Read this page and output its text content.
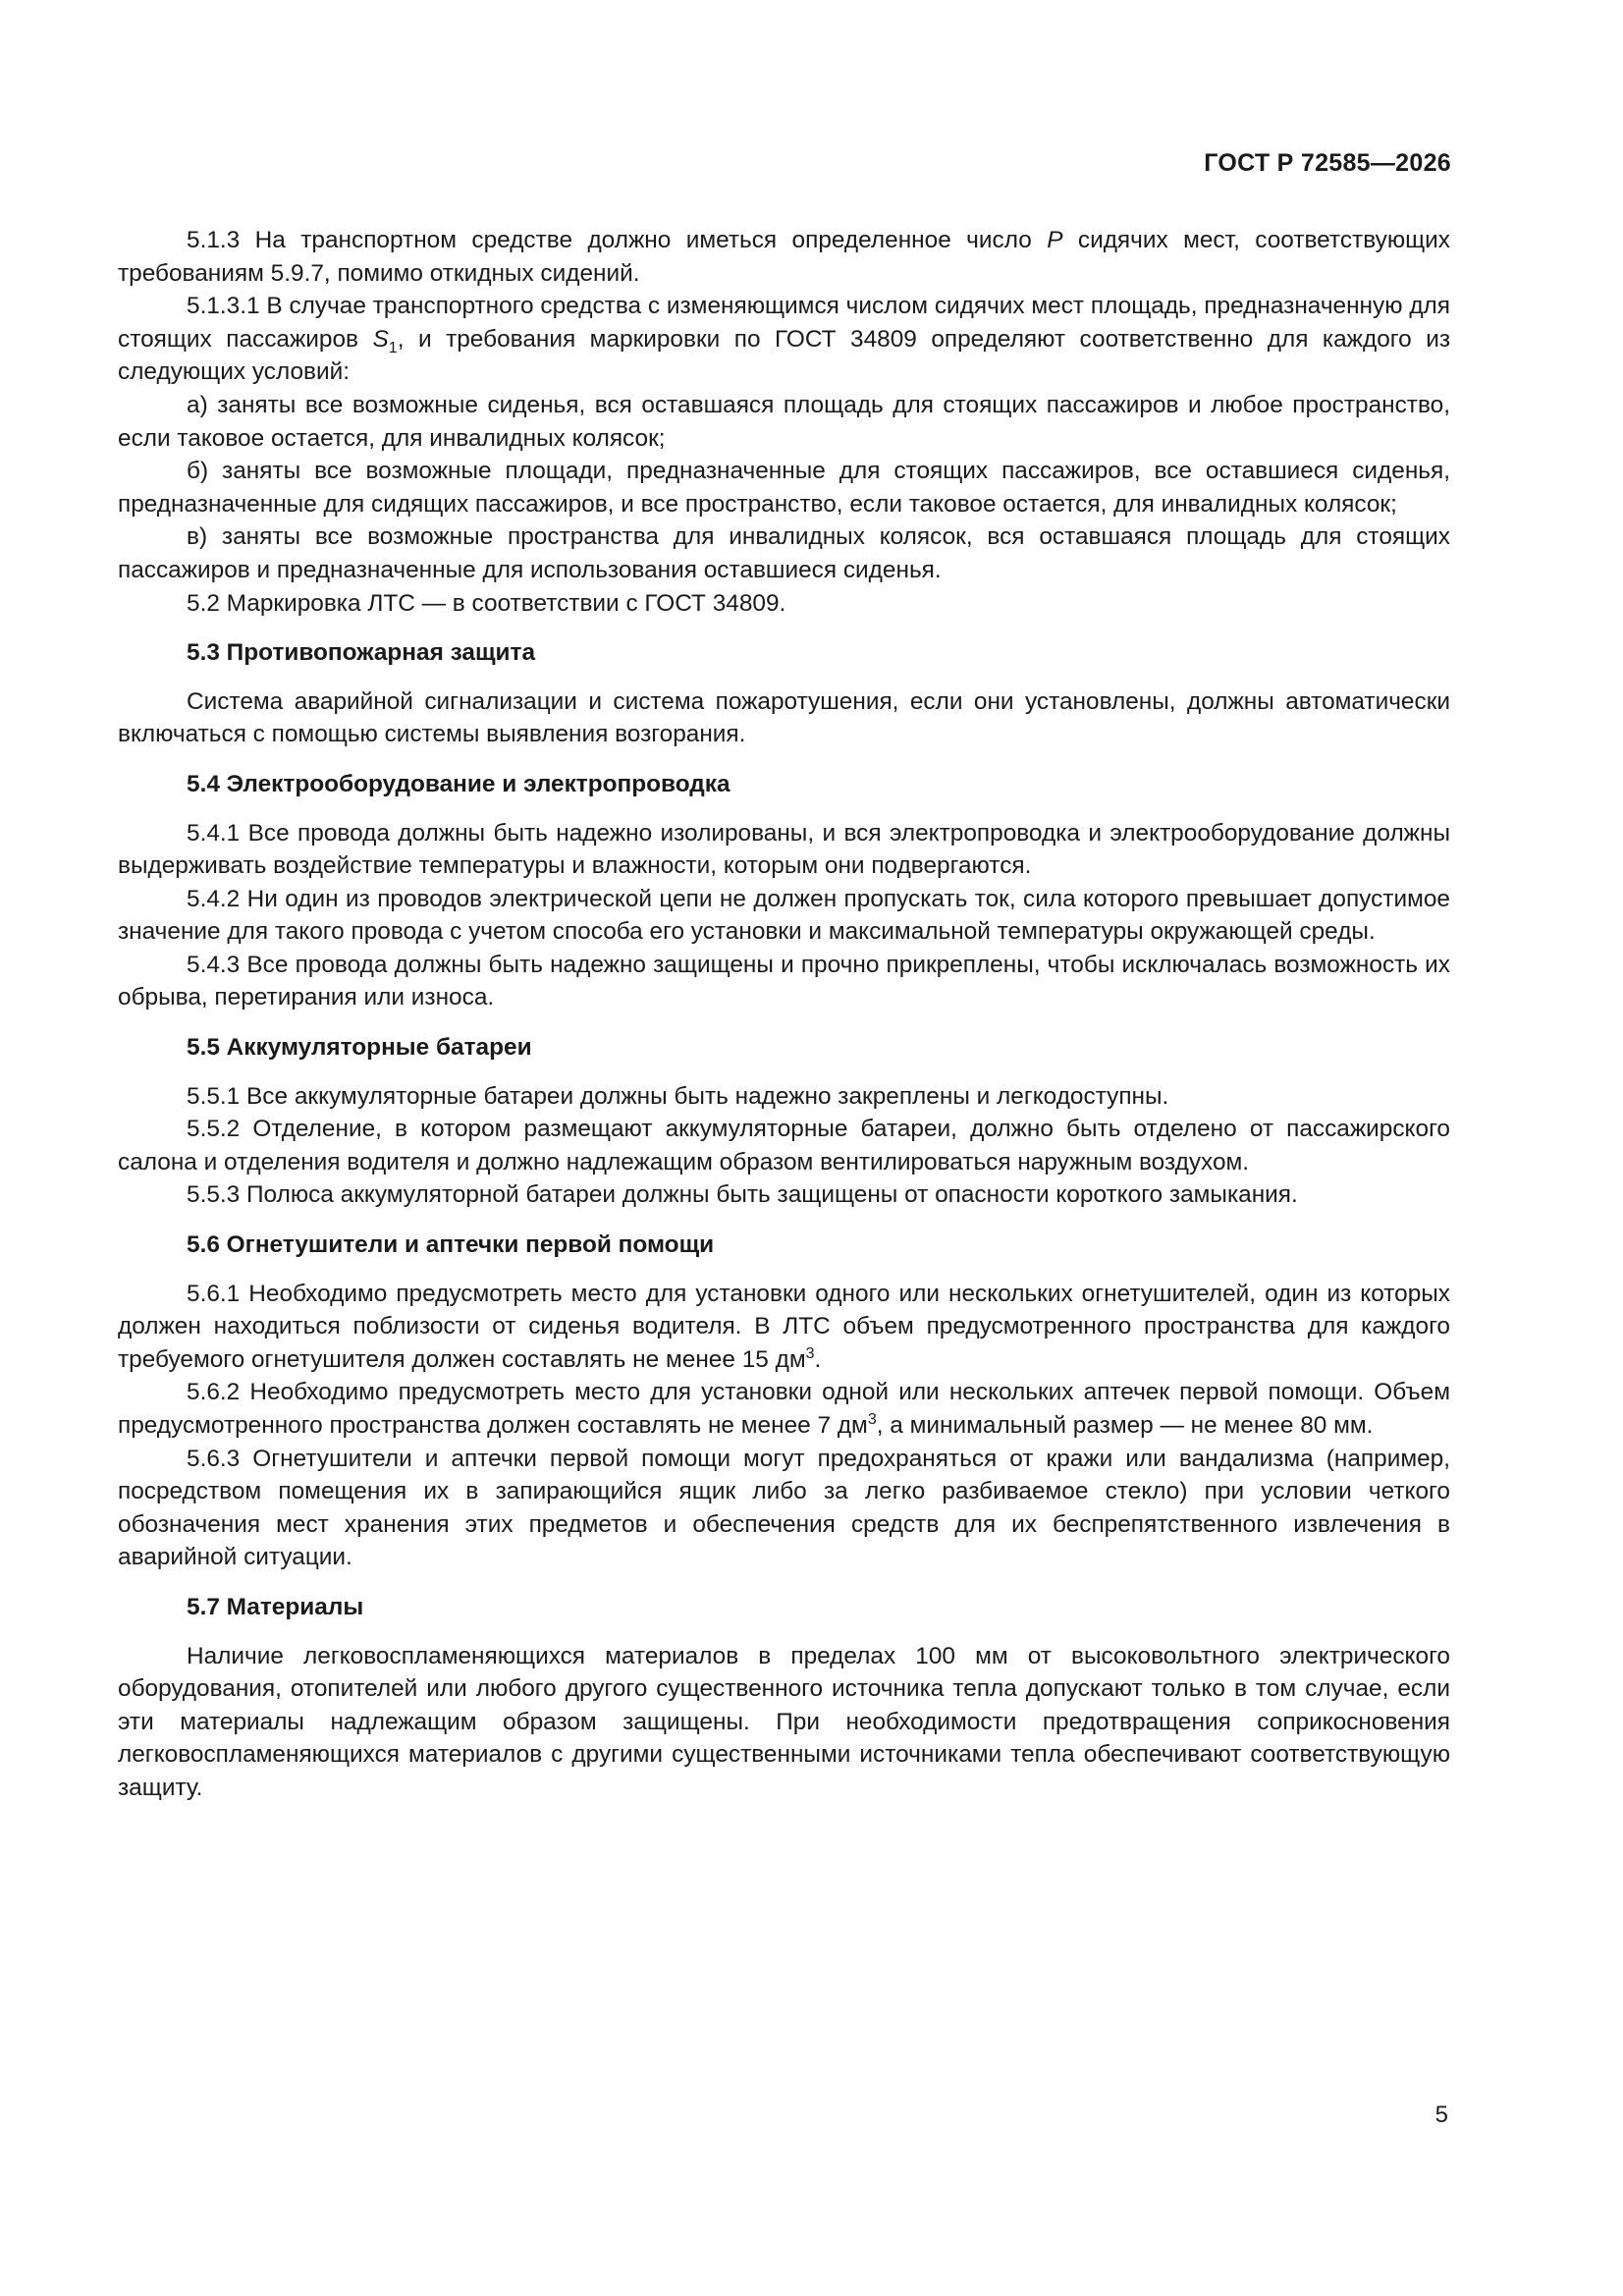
ГОСТ Р 72585—2026

5.1.3 На транспортном средстве должно иметься определенное число P сидячих мест, соответствующих требованиям 5.9.7, помимо откидных сидений.

5.1.3.1 В случае транспортного средства с изменяющимся числом сидячих мест площадь, предназначенную для стоящих пассажиров $S_1$, и требования маркировки по ГОСТ 34809 определяют соответственно для каждого из следующих условий:

а) заняты все возможные сиденья, вся оставшаяся площадь для стоящих пассажиров и любое пространство, если таковое остается, для инвалидных колясок;

б) заняты все возможные площади, предназначенные для стоящих пассажиров, все оставшиеся сиденья, предназначенные для сидящих пассажиров, и все пространство, если таковое остается, для инвалидных колясок;

в) заняты все возможные пространства для инвалидных колясок, вся оставшаяся площадь для стоящих пассажиров и предназначенные для использования оставшиеся сиденья.

5.2 Маркировка ЛТС — в соответствии с ГОСТ 34809.

5.3 Противопожарная защита

Система аварийной сигнализации и система пожаротушения, если они установлены, должны автоматически включаться с помощью системы выявления возгорания.

5.4 Электрооборудование и электропроводка

5.4.1 Все провода должны быть надежно изолированы, и вся электропроводка и электрооборудование должны выдерживать воздействие температуры и влажности, которым они подвергаются.

5.4.2 Ни один из проводов электрической цепи не должен пропускать ток, сила которого превышает допустимое значение для такого провода с учетом способа его установки и максимальной температуры окружающей среды.

5.4.3 Все провода должны быть надежно защищены и прочно прикреплены, чтобы исключалась возможность их обрыва, перетирания или износа.

5.5 Аккумуляторные батареи

5.5.1 Все аккумуляторные батареи должны быть надежно закреплены и легкодоступны.

5.5.2 Отделение, в котором размещают аккумуляторные батареи, должно быть отделено от пассажирского салона и отделения водителя и должно надлежащим образом вентилироваться наружным воздухом.

5.5.3 Полюса аккумуляторной батареи должны быть защищены от опасности короткого замыкания.

5.6 Огнетушители и аптечки первой помощи

5.6.1 Необходимо предусмотреть место для установки одного или нескольких огнетушителей, один из которых должен находиться поблизости от сиденья водителя. В ЛТС объем предусмотренного пространства для каждого требуемого огнетушителя должен составлять не менее 15 $дм^3$.

5.6.2 Необходимо предусмотреть место для установки одной или нескольких аптечек первой помощи. Объем предусмотренного пространства должен составлять не менее 7 $дм^3$, а минимальный размер — не менее 80 мм.

5.6.3 Огнетушители и аптечки первой помощи могут предохраняться от кражи или вандализма (например, посредством помещения их в запирающийся ящик либо за легко разбиваемое стекло) при условии четкого обозначения мест хранения этих предметов и обеспечения средств для их беспрепятственного извлечения в аварийной ситуации.

5.7 Материалы

Наличие легковоспламеняющихся материалов в пределах 100 мм от высоковольтного электрического оборудования, отопителей или любого другого существенного источника тепла допускают только в том случае, если эти материалы надлежащим образом защищены. При необходимости предотвращения соприкосновения легковоспламеняющихся материалов с другими существенными источниками тепла обеспечивают соответствующую защиту.

5
